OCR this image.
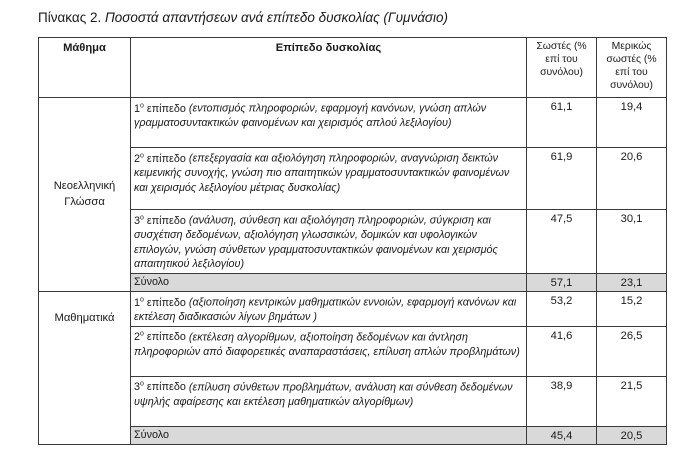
Πίνακας 2. Ποσοστά απαντήσεων ανά επίπεδο δυσκολίας (Γυμνάσιο)
Μάθημα	Επίπεδο δυσκολίας	Σωστές (% επί του συνόλου)	Μερικώς σωστές (% επί του συνόλου)
Νεοελληνική Γλώσσα	$1^o$ επίπεδο (εντοπισμός πληροφοριών, εφαρμογή κανόνων, γνώση απλών γραμματοσυντακτικών φαινομένων και χειρισμός απλού λεξιλογίου)	61,1	19,4
	$2^o$ επίπεδο (επεξεργασία και αξιολόγηση πληροφοριών, αναγνώριση δεικτών κειμενικής συνοχής, γνώση πιο απαιτητικών γραμματοσυντακτικών φαινομένων και χειρισμός λεξιλογίου μέτριας δυσκολίας)	61,9	20,6
	$3^o$ επίπεδο (ανάλυση, σύνθεση και αξιολόγηση πληροφοριών, σύγκριση και συσχέτιση δεδομένων, αξιολόγηση γλωσσικών, δομικών και υφολογικών επιλογών, γνώση σύνθετων γραμματοσυντακτικών φαινομένων και χειρισμός απαιτητικού λεξιλογίου)	47,5	30,1
	Σύνολο	57,1	23,1
Μαθηματικά	$1^o$ επίπεδο (αξιοποίηση κεντρικών μαθηματικών εννοιών, εφαρμογή κανόνων και εκτέλεση διαδικασιών λίγων βημάτων )	53,2	15,2
	$2^o$ επίπεδο (εκτέλεση αλγορίθμων, αξιοποίηση δεδομένων και άντληση πληροφοριών από διαφορετικές αναπαραστάσεις, επίλυση απλών προβλημάτων)	41,6	26,5
	$3^o$ επίπεδο (επίλυση σύνθετων προβλημάτων, ανάλυση και σύνθεση δεδομένων υψηλής αφαίρεσης και εκτέλεση μαθηματικών αλγορίθμων)	38,9	21,5
	Σύνολο	45,4	20,5
